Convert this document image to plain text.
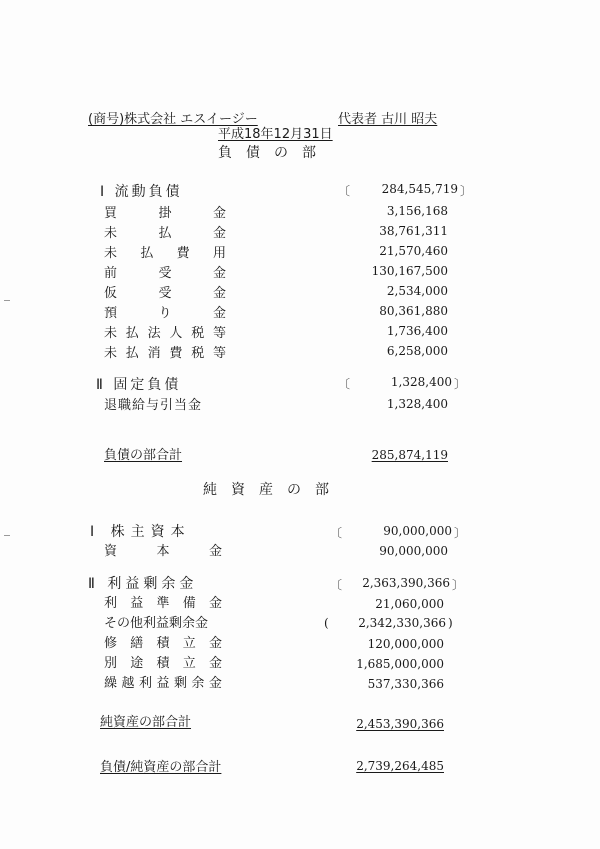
(商号)株式会社 エスイージー	代表者 古川 昭夫
平成18年12月31日
負債の部
Ⅰ 流動負債	〔	284,545,719 〕
買	掛	金	3,156,168
未	払	金	38,761,311
未 払 費 用	21,570,460
前	受	金	130,167,500
仮	受	金	2,534,000
預	り	金	80,361,880
未 払 法 人 税 等	1,736,400
未 払 消 費 税 等	6,258,000
Ⅱ 固定負債	〔	1,328,400 〕
退職給与引当金	1,328,400
負債の部合計	285,874,119
純資産の部
Ⅰ 株主資本	〔	90,000,000 〕
資	本	金	90,000,000
Ⅱ 利益剰余金	〔	2,363,390,366 〕
利 益 準 備 金	21,060,000
その他利益剰余金	(	2,342,330,366 )
修 繕 積 立 金	120,000,000
別 途 積 立 金	1,685,000,000
繰 越 利 益 剰 余 金	537,330,366
純資産の部合計	2,453,390,366
負債/純資産の部合計	2,739,264,485
